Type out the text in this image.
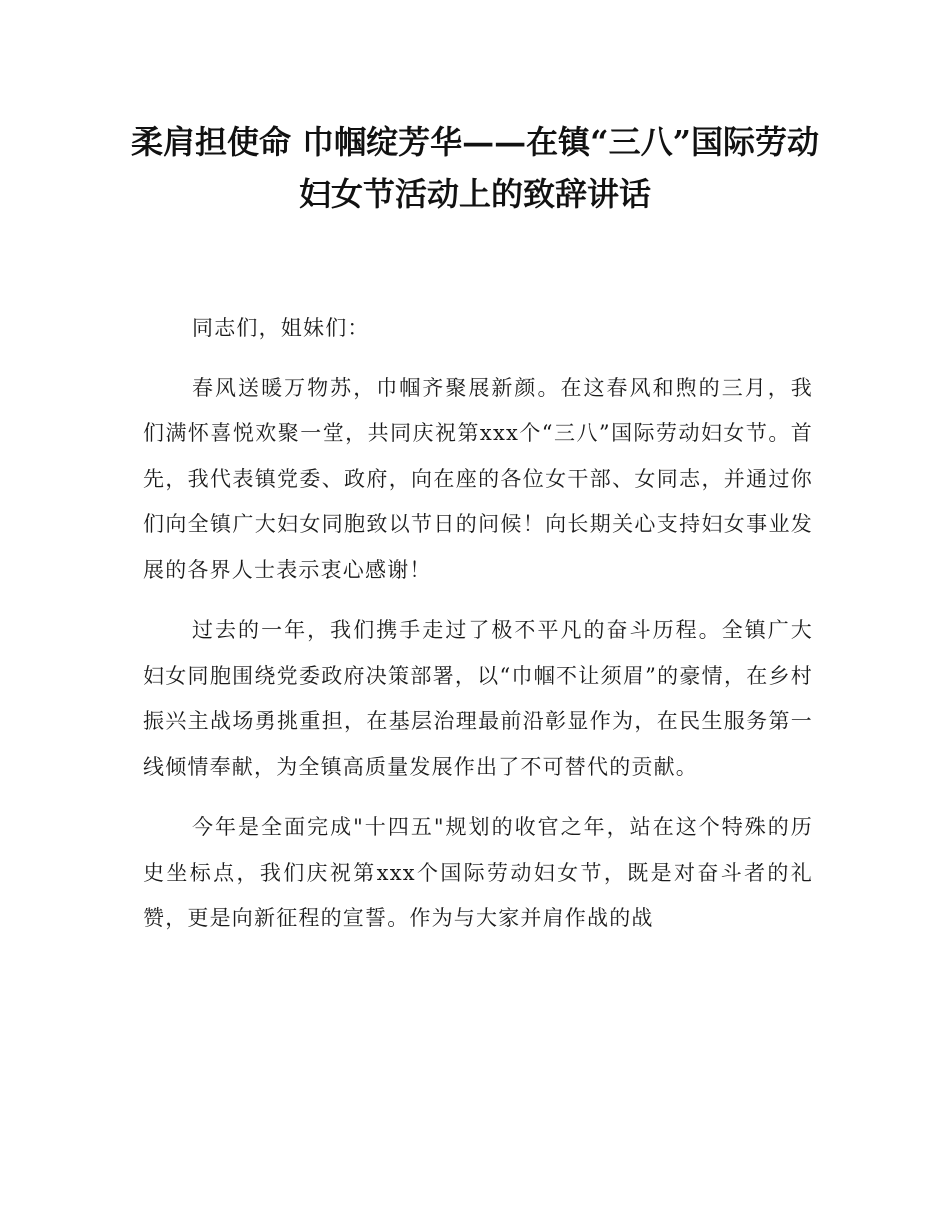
柔肩担使命 巾帼绽芳华——在镇“三八”国际劳动妇女节活动上的致辞讲话

同志们，姐妹们：

春风送暖万物苏，巾帼齐聚展新颜。在这春风和煦的三月，我们满怀喜悦欢聚一堂，共同庆祝第xxx个“三八”国际劳动妇女节。首先，我代表镇党委、政府，向在座的各位女干部、女同志，并通过你们向全镇广大妇女同胞致以节日的问候！向长期关心支持妇女事业发展的各界人士表示衷心感谢！

过去的一年，我们携手走过了极不平凡的奋斗历程。全镇广大妇女同胞围绕党委政府决策部署，以“巾帼不让须眉”的豪情，在乡村振兴主战场勇挑重担，在基层治理最前沿彰显作为，在民生服务第一线倾情奉献，为全镇高质量发展作出了不可替代的贡献。

今年是全面完成"十四五"规划的收官之年，站在这个特殊的历史坐标点，我们庆祝第xxx个国际劳动妇女节，既是对奋斗者的礼赞，更是向新征程的宣誓。作为与大家并肩作战的战
